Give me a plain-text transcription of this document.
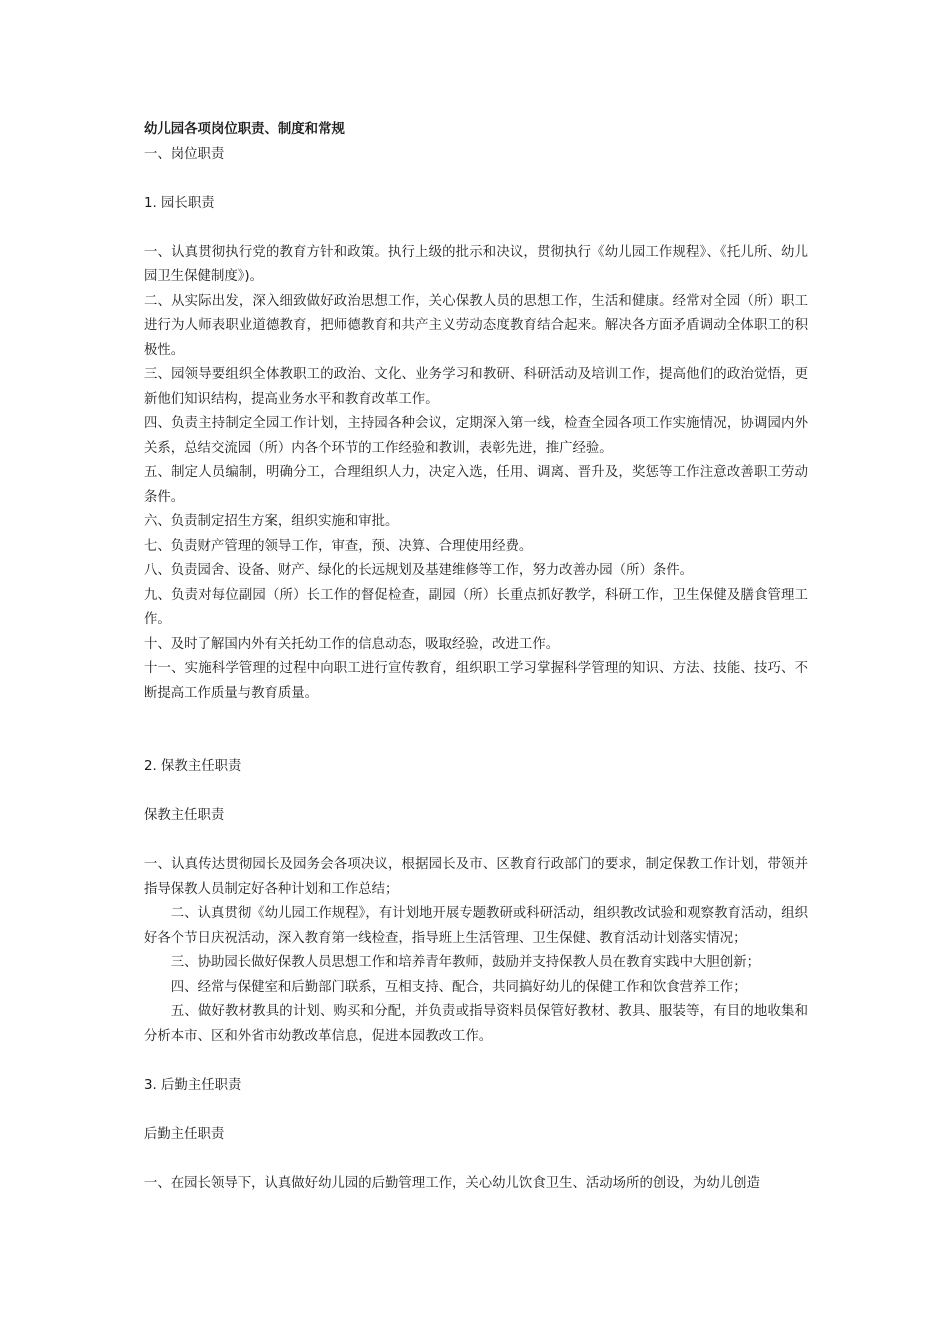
幼儿园各项岗位职责、制度和常规

一、岗位职责

1. 园长职责

一、认真贯彻执行党的教育方针和政策。执行上级的批示和决议，贯彻执行《幼儿园工作规程》、《托儿所、幼儿园卫生保健制度》)。

二、从实际出发，深入细致做好政治思想工作，关心保教人员的思想工作，生活和健康。经常对全园（所）职工进行为人师表职业道德教育，把师德教育和共产主义劳动态度教育结合起来。解决各方面矛盾调动全体职工的积极性。

三、园领导要组织全体教职工的政治、文化、业务学习和教研、科研活动及培训工作，提高他们的政治觉悟，更新他们知识结构，提高业务水平和教育改革工作。

四、负责主持制定全园工作计划，主持园各种会议，定期深入第一线，检查全园各项工作实施情况，协调园内外关系，总结交流园（所）内各个环节的工作经验和教训，表彰先进，推广经验。

五、制定人员编制，明确分工，合理组织人力，决定入选，任用、调离、晋升及，奖惩等工作注意改善职工劳动条件。

六、负责制定招生方案，组织实施和审批。

七、负责财产管理的领导工作，审查，预、决算、合理使用经费。

八、负责园舍、设备、财产、绿化的长远规划及基建维修等工作，努力改善办园（所）条件。

九、负责对每位副园（所）长工作的督促检查，副园（所）长重点抓好教学，科研工作，卫生保健及膳食管理工作。

十、及时了解国内外有关托幼工作的信息动态，吸取经验，改进工作。

十一、实施科学管理的过程中向职工进行宣传教育，组织职工学习掌握科学管理的知识、方法、技能、技巧、不断提高工作质量与教育质量。

2. 保教主任职责

保教主任职责

一、认真传达贯彻园长及园务会各项决议，根据园长及市、区教育行政部门的要求，制定保教工作计划，带领并指导保教人员制定好各种计划和工作总结；

二、认真贯彻《幼儿园工作规程》，有计划地开展专题教研或科研活动，组织教改试验和观察教育活动，组织好各个节日庆祝活动，深入教育第一线检查，指导班上生活管理、卫生保健、教育活动计划落实情况；

三、协助园长做好保教人员思想工作和培养青年教师，鼓励并支持保教人员在教育实践中大胆创新；

四、经常与保健室和后勤部门联系，互相支持、配合，共同搞好幼儿的保健工作和饮食营养工作；

五、做好教材教具的计划、购买和分配，并负责或指导资料员保管好教材、教具、服装等，有目的地收集和分析本市、区和外省市幼教改革信息，促进本园教改工作。

3. 后勤主任职责

后勤主任职责

一、在园长领导下，认真做好幼儿园的后勤管理工作，关心幼儿饮食卫生、活动场所的创设，为幼儿创造
